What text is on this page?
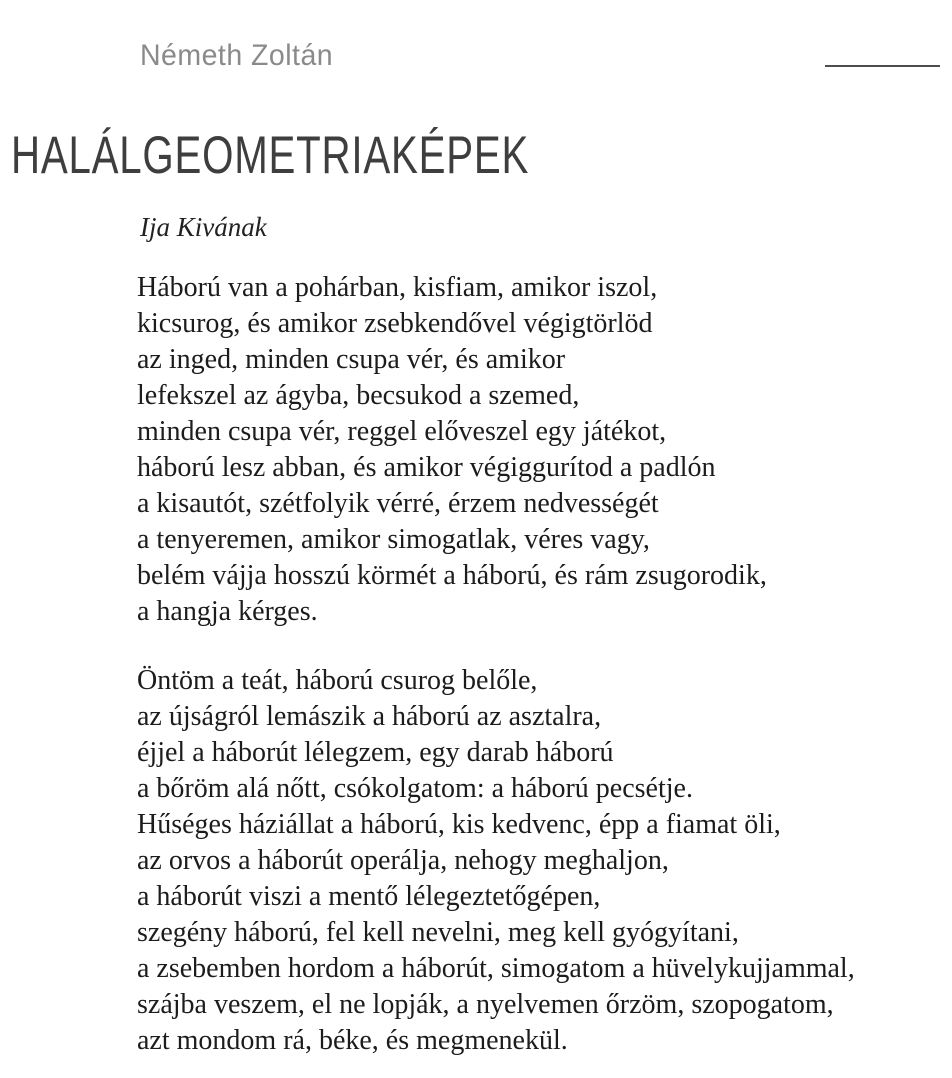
Németh Zoltán
HALÁLGEOMETRIAKÉPEK
Ija Kivának
Háború van a pohárban, kisfiam, amikor iszol,
kicsurog, és amikor zsebkendővel végigtörlöd
az inged, minden csupa vér, és amikor
lefekszel az ágyba, becsukod a szemed,
minden csupa vér, reggel előveszel egy játékot,
háború lesz abban, és amikor végiggurítod a padlón
a kisautót, szétfolyik vérré, érzem nedvességét
a tenyeremen, amikor simogatlak, véres vagy,
belém vájja hosszú körmét a háború, és rám zsugorodik,
a hangja kérges.
Öntöm a teát, háború csurog belőle,
az újságról lemászik a háború az asztalra,
éjjel a háborút lélegzem, egy darab háború
a bőröm alá nőtt, csókolgatom: a háború pecsétje.
Hűséges háziállat a háború, kis kedvenc, épp a fiamat öli,
az orvos a háborút operálja, nehogy meghaljon,
a háborút viszi a mentő lélegeztetőgépen,
szegény háború, fel kell nevelni, meg kell gyógyítani,
a zsebemben hordom a háborút, simogatom a hüvelykujjammal,
szájba veszem, el ne lopják, a nyelvemen őrzöm, szopogatom,
azt mondom rá, béke, és megmenekül.
